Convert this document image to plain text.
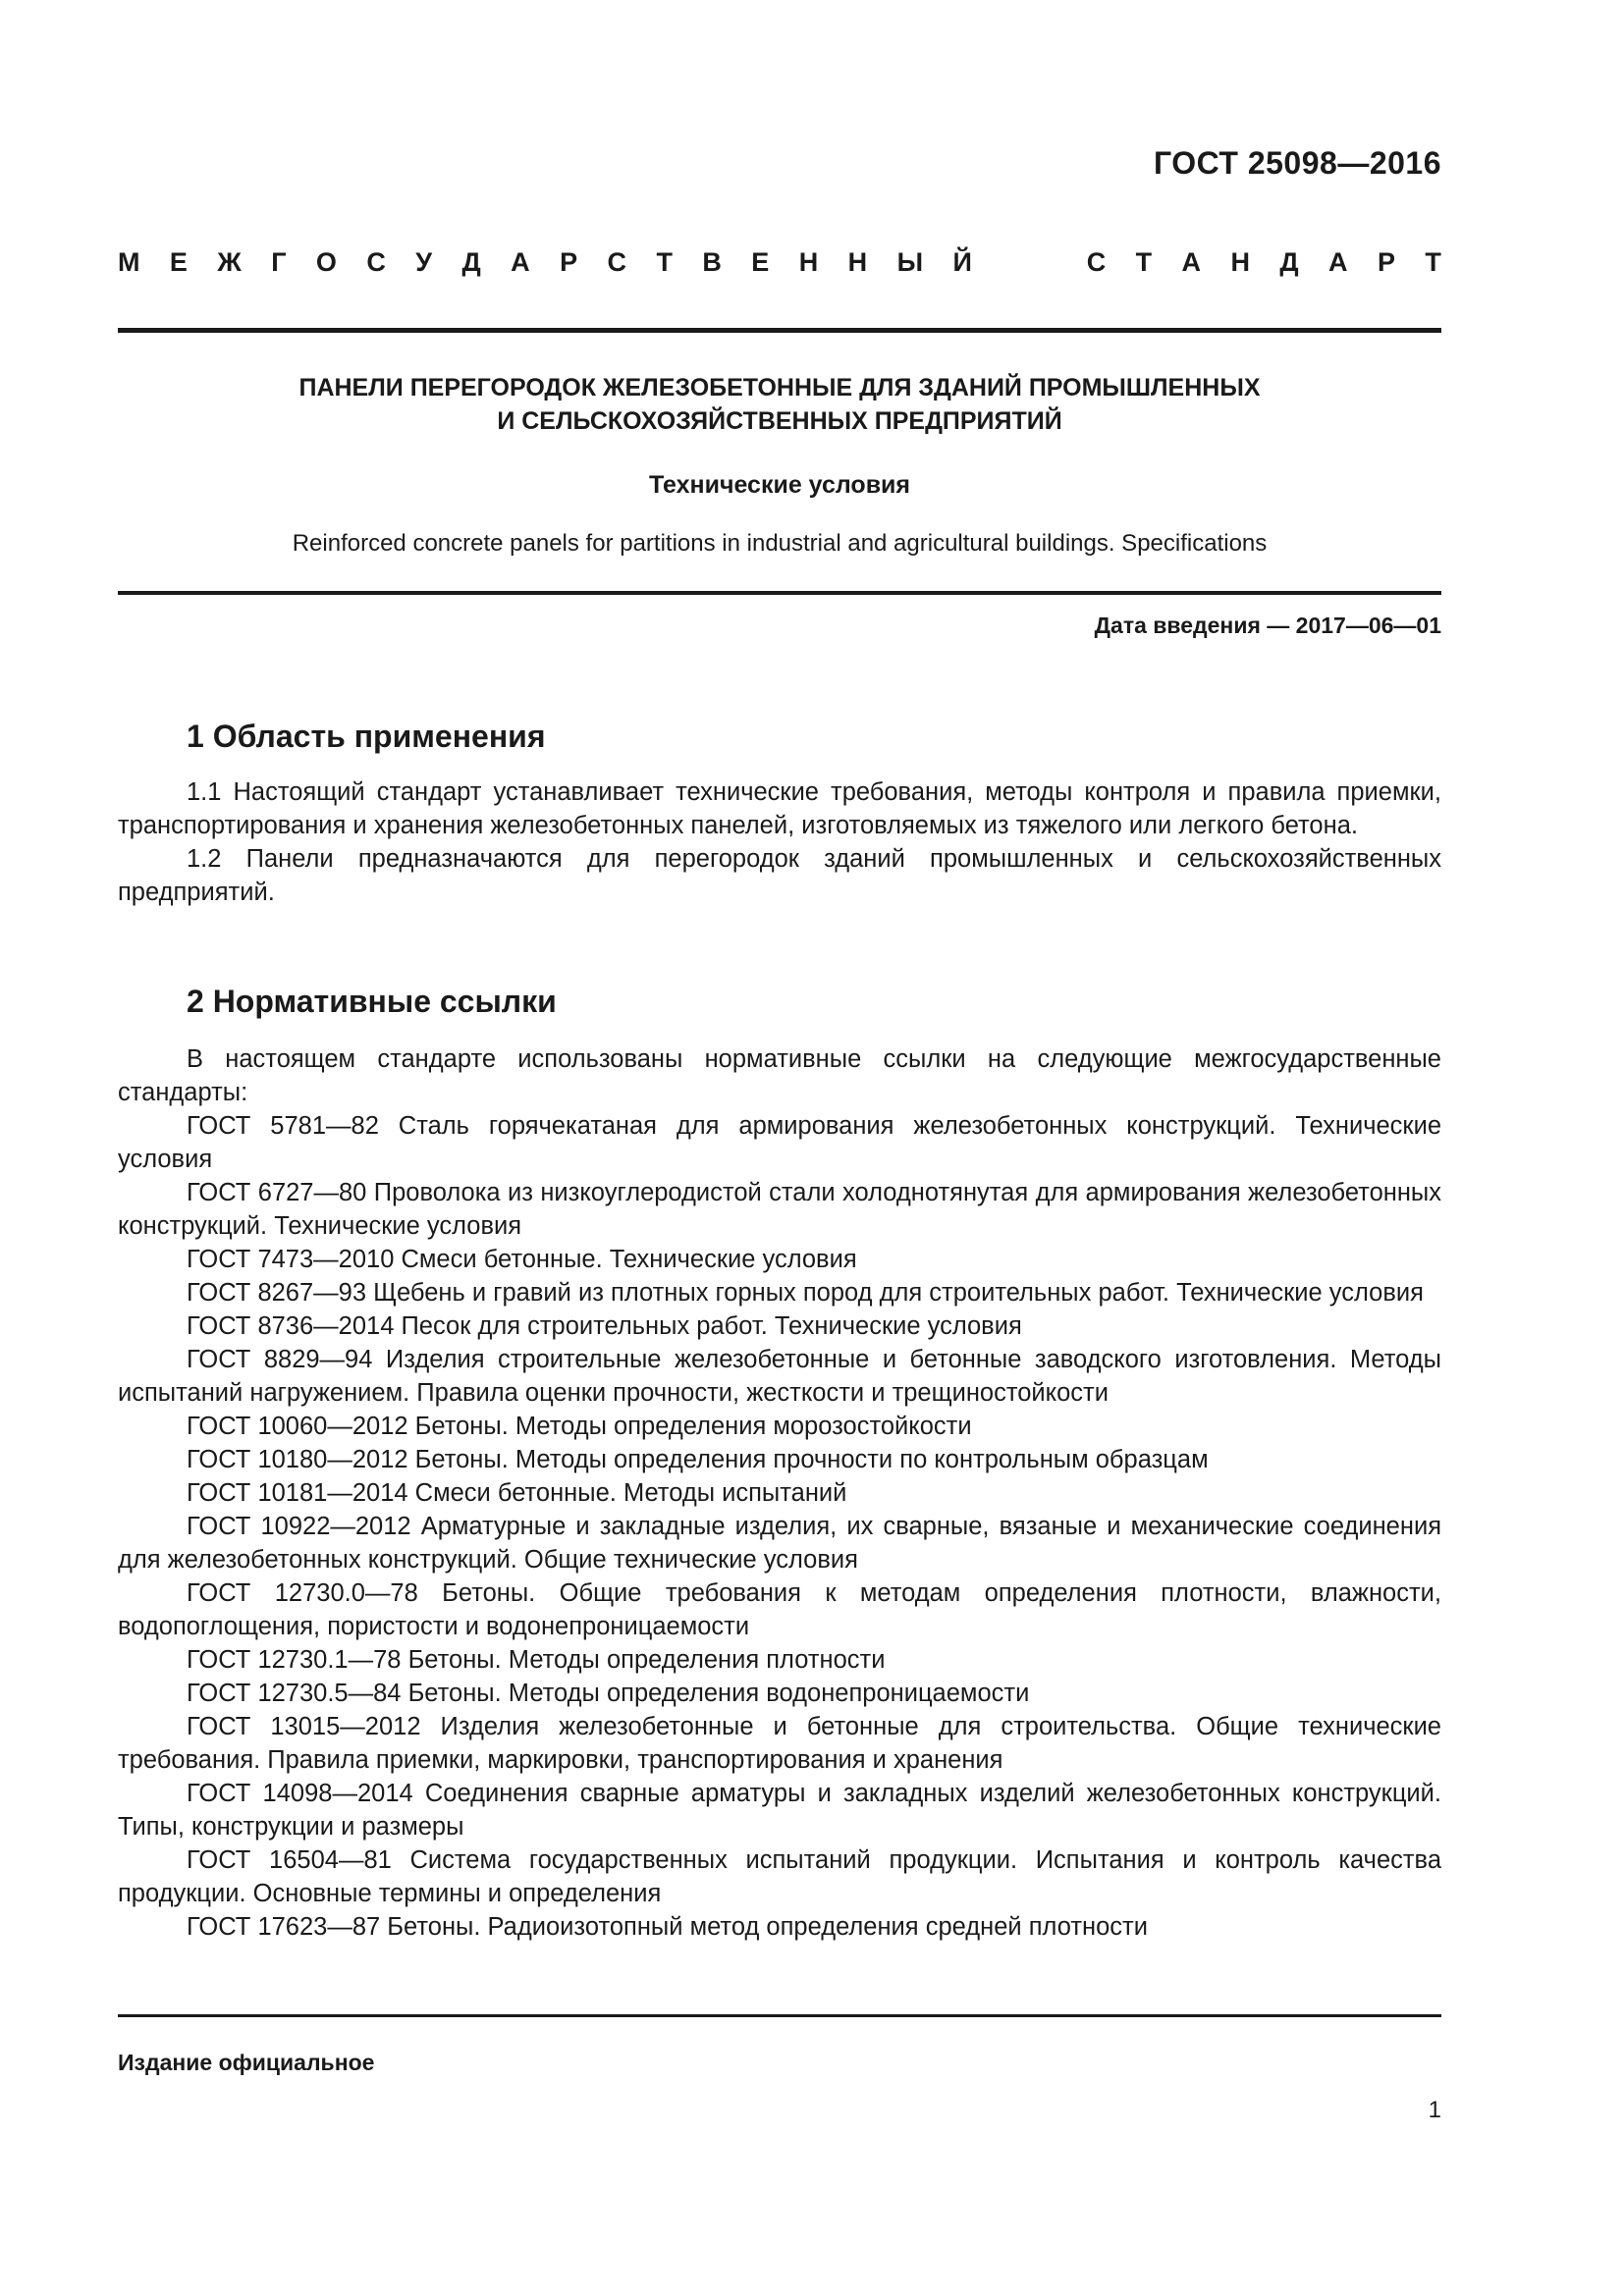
ГОСТ 25098—2016
М Е Ж Г О С У Д А Р С Т В Е Н Н Ы Й	С Т А Н Д А Р Т
ПАНЕЛИ ПЕРЕГОРОДОК ЖЕЛЕЗОБЕТОННЫЕ ДЛЯ ЗДАНИЙ ПРОМЫШЛЕННЫХ
И СЕЛЬСКОХОЗЯЙСТВЕННЫХ ПРЕДПРИЯТИЙ
Технические условия
Reinforced concrete panels for partitions in industrial and agricultural buildings. Specifications
Дата введения — 2017—06—01
1 Область применения

1.1 Настоящий стандарт устанавливает технические требования, методы контроля и правила приемки, транспортирования и хранения железобетонных панелей, изготовляемых из тяжелого или легкого бетона.

1.2 Панели предназначаются для перегородок зданий промышленных и сельскохозяйственных предприятий.

2 Нормативные ссылки

В настоящем стандарте использованы нормативные ссылки на следующие межгосударственные стандарты:

ГОСТ 5781—82 Сталь горячекатаная для армирования железобетонных конструкций. Технические условия

ГОСТ 6727—80 Проволока из низкоуглеродистой стали холоднотянутая для армирования железобетонных конструкций. Технические условия

ГОСТ 7473—2010 Смеси бетонные. Технические условия

ГОСТ 8267—93 Щебень и гравий из плотных горных пород для строительных работ. Технические условия

ГОСТ 8736—2014 Песок для строительных работ. Технические условия

ГОСТ 8829—94 Изделия строительные железобетонные и бетонные заводского изготовления. Методы испытаний нагружением. Правила оценки прочности, жесткости и трещиностойкости

ГОСТ 10060—2012 Бетоны. Методы определения морозостойкости

ГОСТ 10180—2012 Бетоны. Методы определения прочности по контрольным образцам

ГОСТ 10181—2014 Смеси бетонные. Методы испытаний

ГОСТ 10922—2012 Арматурные и закладные изделия, их сварные, вязаные и механические соединения для железобетонных конструкций. Общие технические условия

ГОСТ 12730.0—78 Бетоны. Общие требования к методам определения плотности, влажности, водопоглощения, пористости и водонепроницаемости

ГОСТ 12730.1—78 Бетоны. Методы определения плотности

ГОСТ 12730.5—84 Бетоны. Методы определения водонепроницаемости

ГОСТ 13015—2012 Изделия железобетонные и бетонные для строительства. Общие технические требования. Правила приемки, маркировки, транспортирования и хранения

ГОСТ 14098—2014 Соединения сварные арматуры и закладных изделий железобетонных конструкций. Типы, конструкции и размеры

ГОСТ 16504—81 Система государственных испытаний продукции. Испытания и контроль качества продукции. Основные термины и определения

ГОСТ 17623—87 Бетоны. Радиоизотопный метод определения средней плотности

Издание официальное
1
